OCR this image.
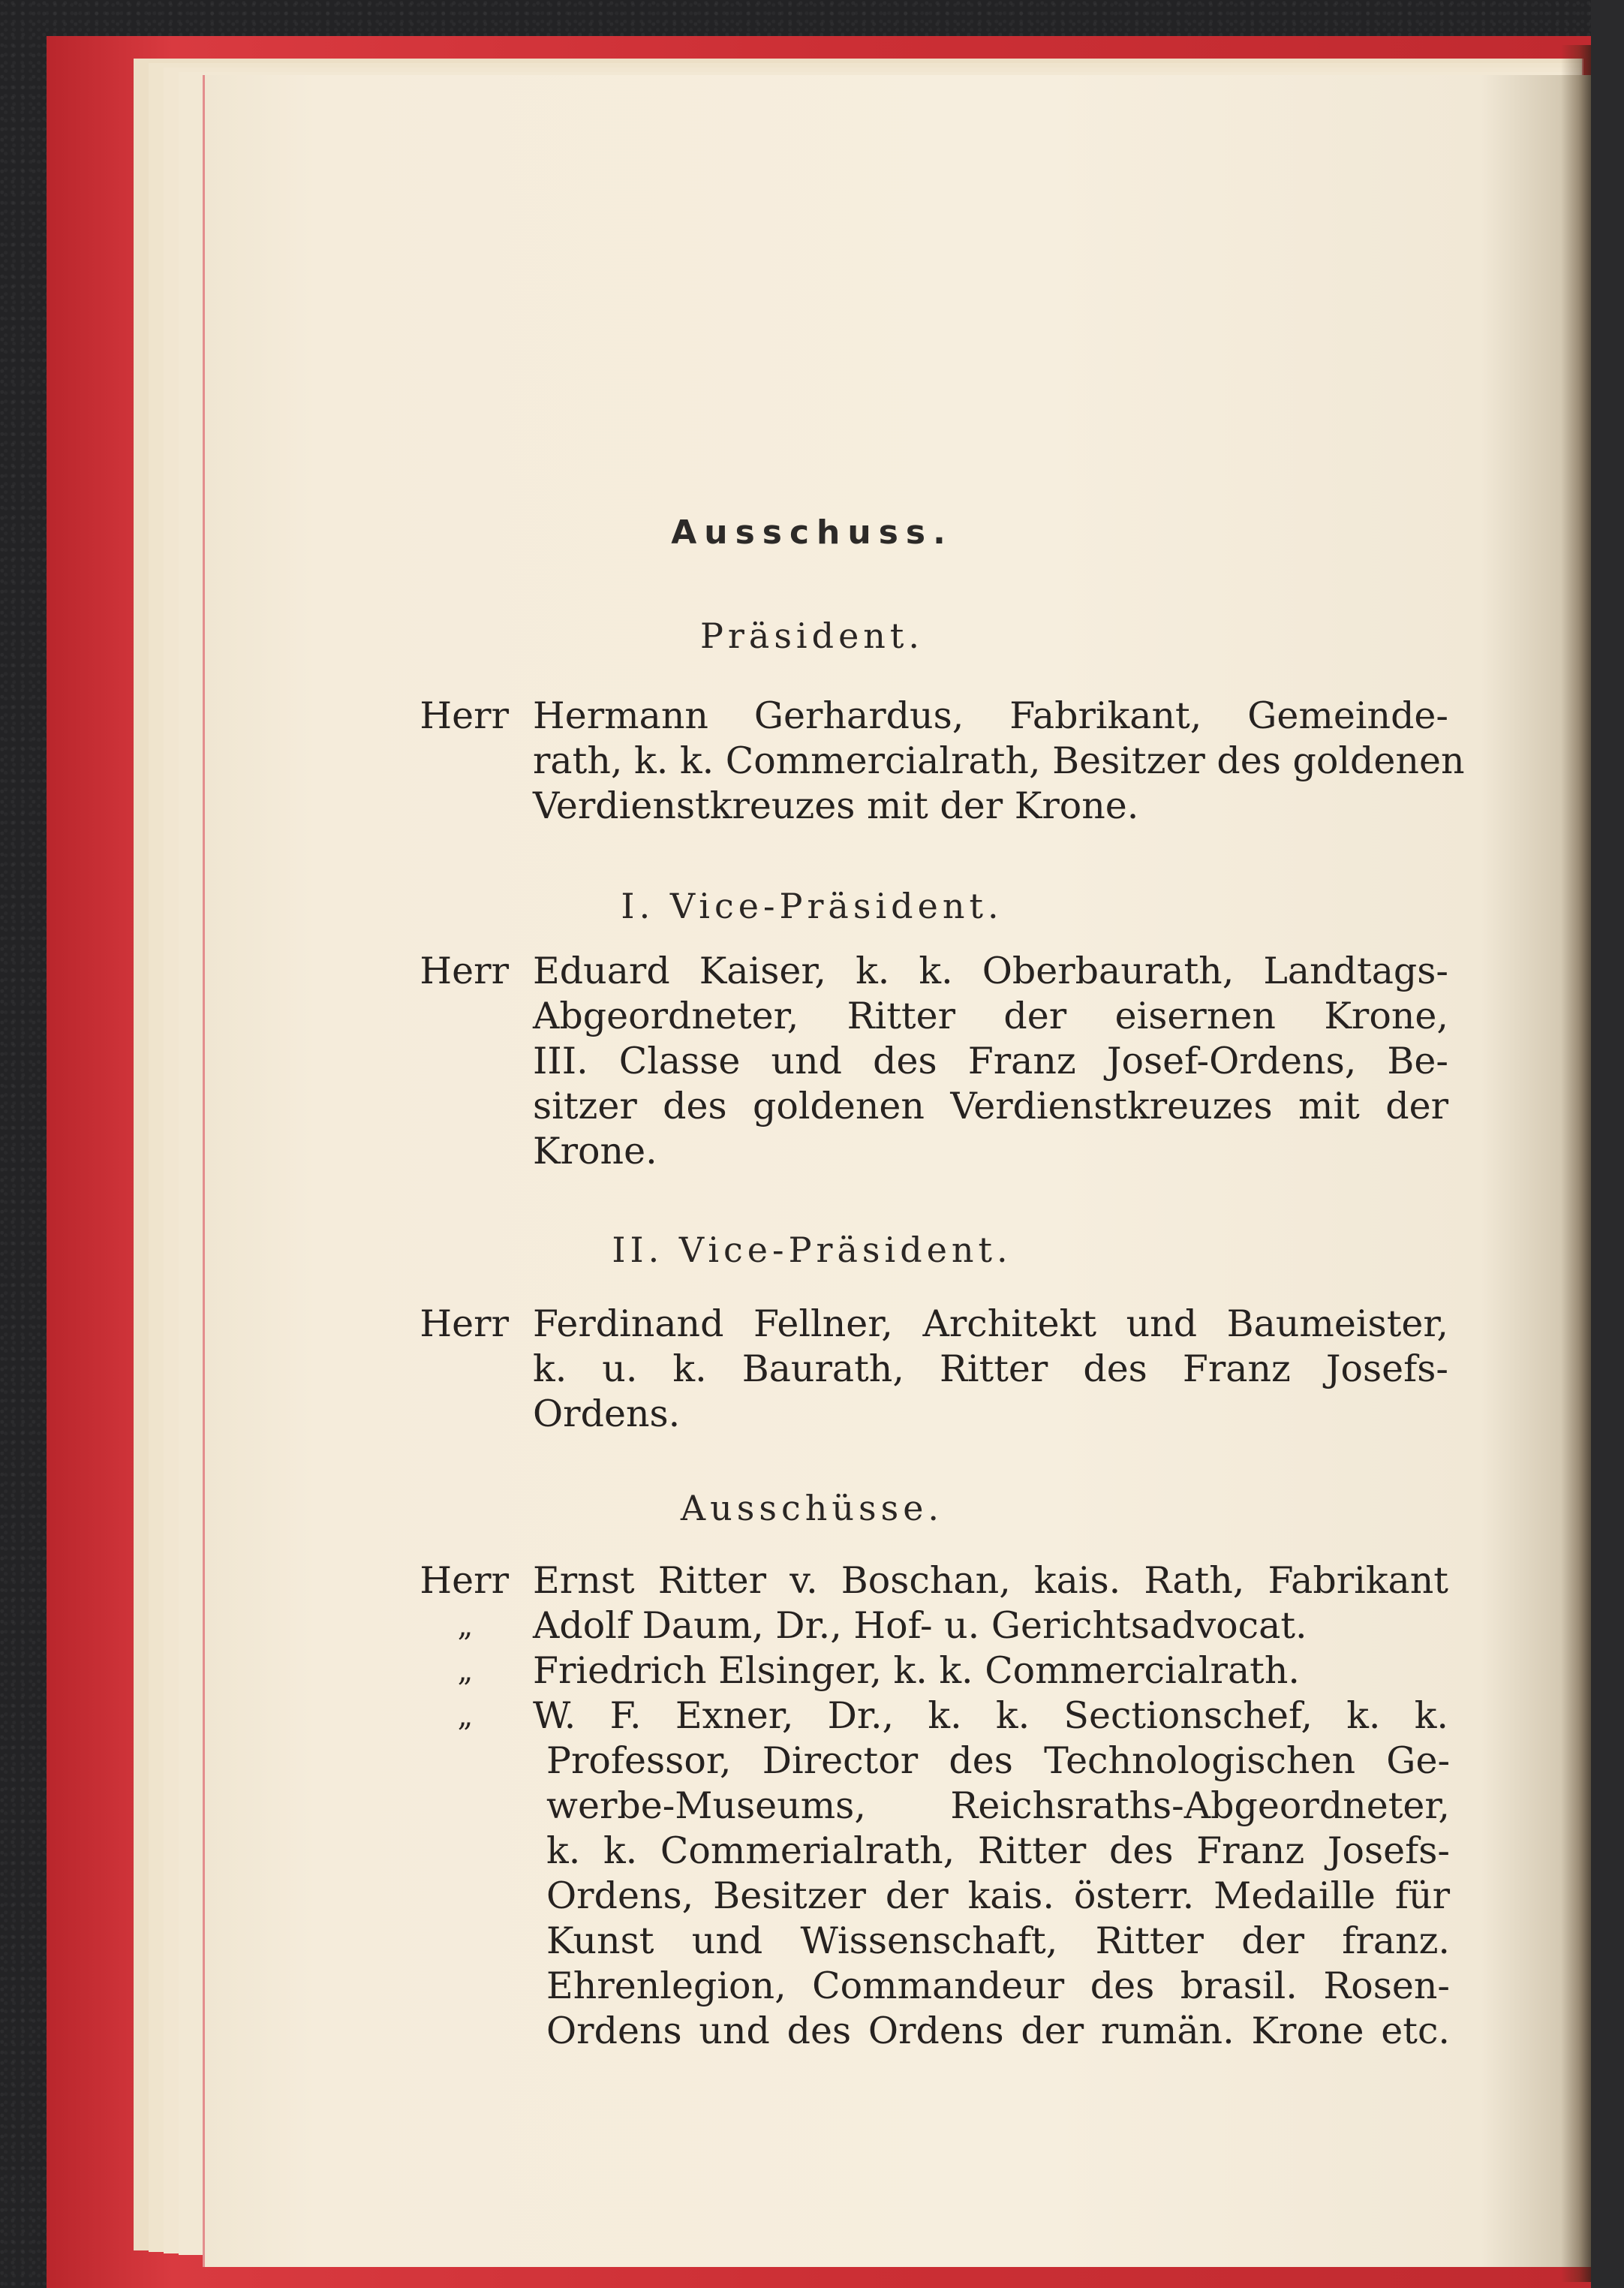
Ausschuss.
Präsident.
Herr Hermann Gerhardus, Fabrikant, Gemeinde-
rath, k. k. Commercialrath, Besitzer des goldenen
Verdienstkreuzes mit der Krone.
I. Vice-Präsident.
Herr Eduard Kaiser, k. k. Oberbaurath, Landtags-
Abgeordneter, Ritter der eisernen Krone,
III. Classe und des Franz Josef-Ordens, Be-
sitzer des goldenen Verdienstkreuzes mit der
Krone.
II. Vice-Präsident.
Herr Ferdinand Fellner, Architekt und Baumeister,
k. u. k. Baurath, Ritter des Franz Josefs-
Ordens.
Ausschüsse.
Herr Ernst Ritter v. Boschan, kais. Rath, Fabrikant
„	Adolf Daum, Dr., Hof- u. Gerichtsadvocat.
„	Friedrich Elsinger, k. k. Commercialrath.
„	W. F. Exner, Dr., k. k. Sectionschef, k. k.
Professor, Director des Technologischen Ge-
werbe-Museums, Reichsraths-Abgeordneter,
k. k. Commerialrath, Ritter des Franz Josefs-
Ordens, Besitzer der kais. österr. Medaille für
Kunst und Wissenschaft, Ritter der franz.
Ehrenlegion, Commandeur des brasil. Rosen-
Ordens und des Ordens der rumän. Krone etc.
